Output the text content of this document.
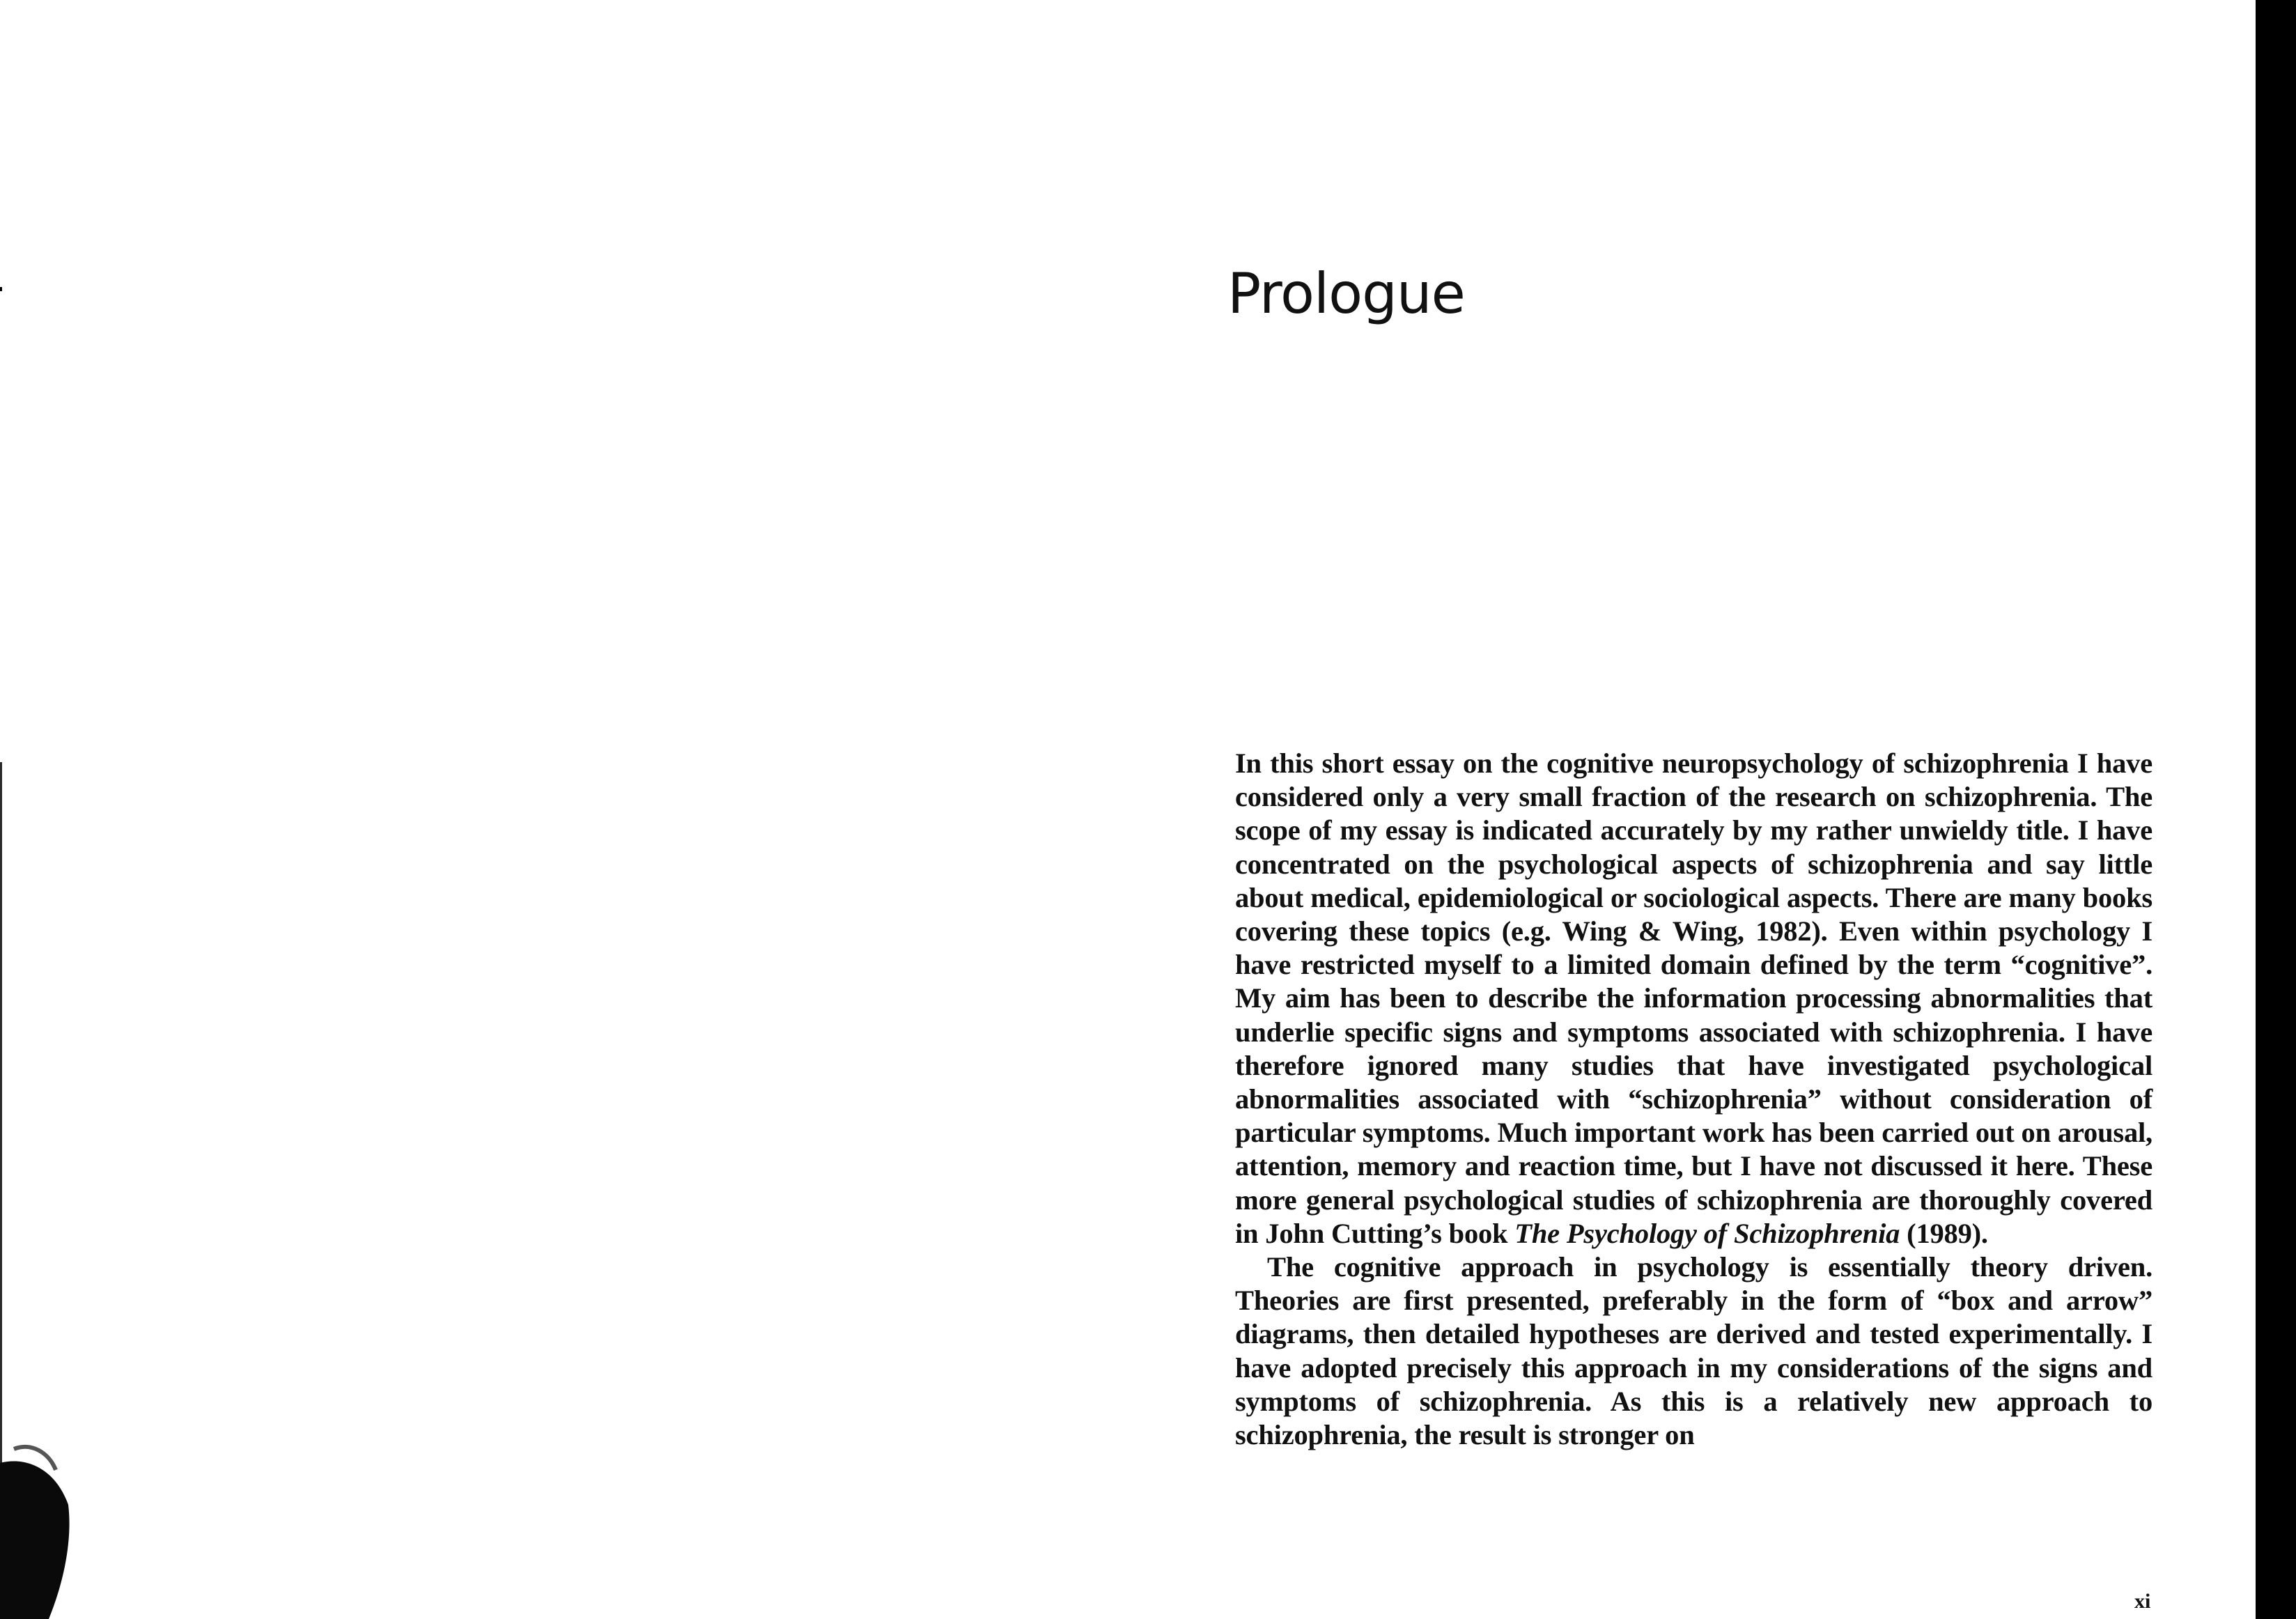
Prologue

In this short essay on the cognitive neuropsychology of schizophrenia I have considered only a very small fraction of the research on schizophrenia. The scope of my essay is indicated accurately by my rather unwieldy title. I have concentrated on the psychological aspects of schizophrenia and say little about medical, epidemiological or sociological aspects. There are many books covering these topics (e.g. Wing & Wing, 1982). Even within psychology I have restricted myself to a limited domain defined by the term “cognitive”. My aim has been to describe the information processing abnormalities that underlie specific signs and symptoms associated with schizophrenia. I have therefore ignored many studies that have investigated psychological abnormalities associated with “schizophrenia” without consideration of particular symptoms. Much important work has been carried out on arousal, attention, memory and reaction time, but I have not discussed it here. These more general psychological studies of schizophrenia are thoroughly covered in John Cutting’s book The Psychology of Schizophrenia (1989).

The cognitive approach in psychology is essentially theory driven. Theories are first presented, preferably in the form of “box and arrow” diagrams, then detailed hypotheses are derived and tested experimentally. I have adopted precisely this approach in my considerations of the signs and symptoms of schizophrenia. As this is a relatively new approach to schizophrenia, the result is stronger on

xi
